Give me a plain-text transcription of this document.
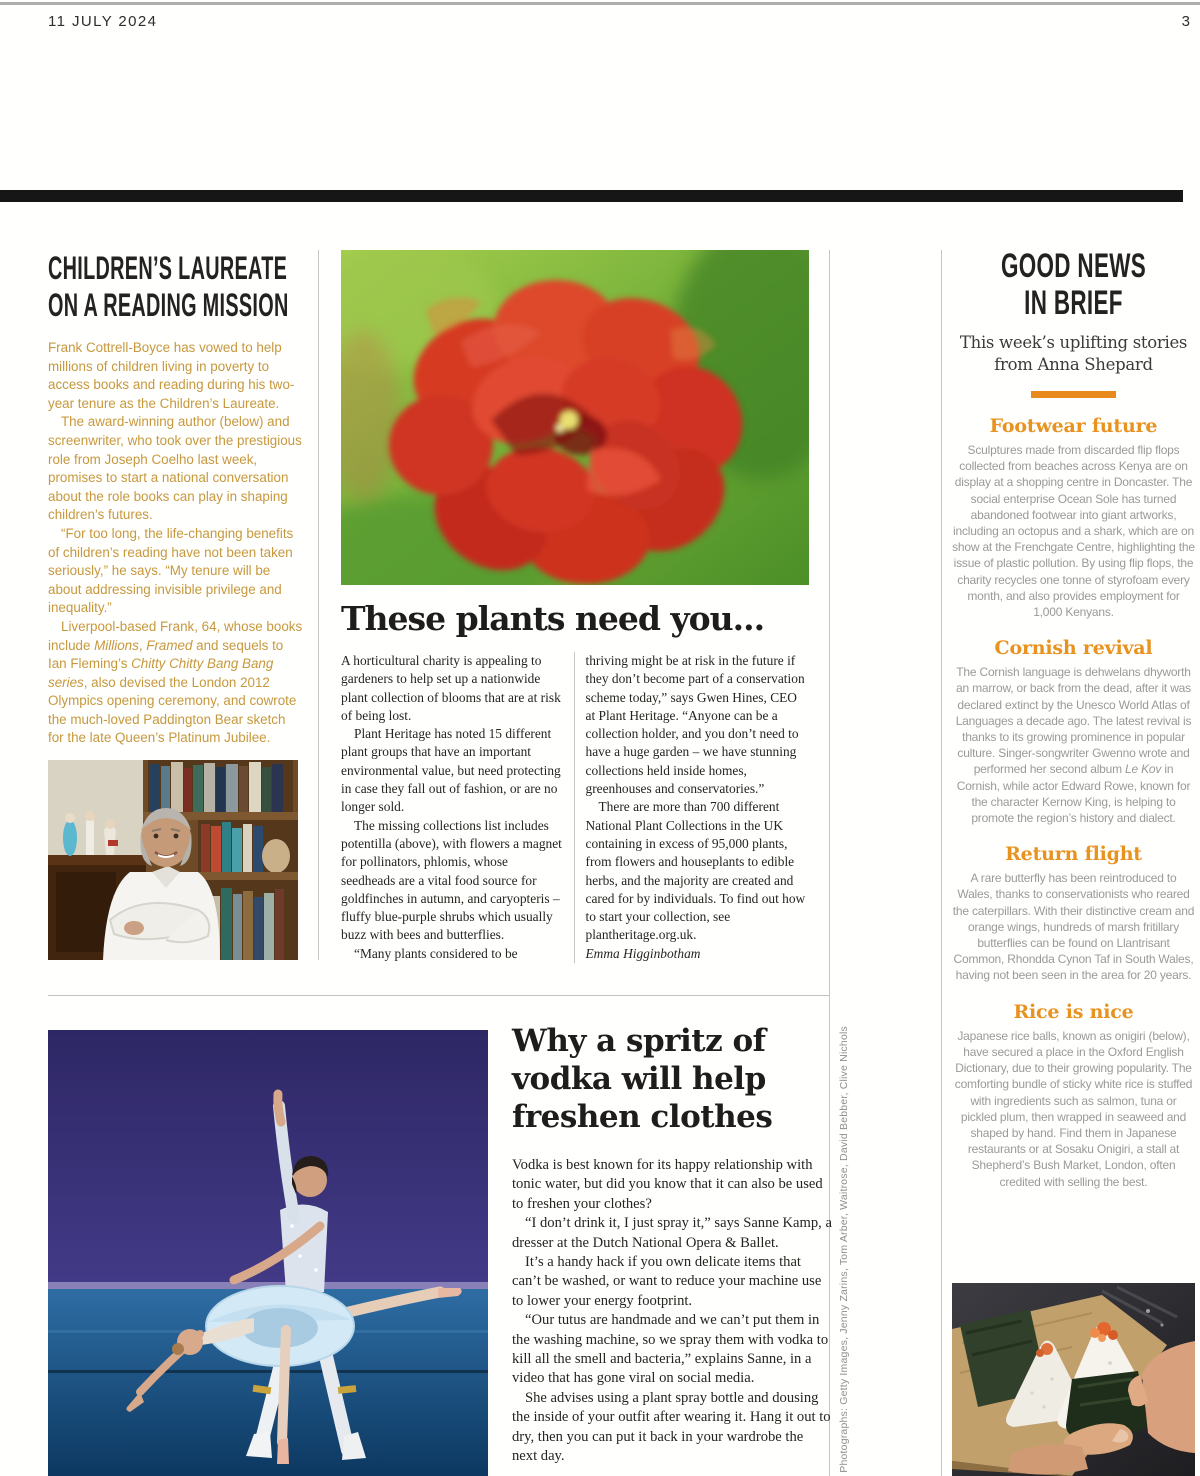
11 JULY 2024	3
CHILDREN’S LAUREATE
ON A READING MISSION

Frank Cottrell-Boyce has vowed to help millions of children living in poverty to access books and reading during his two-year tenure as the Children’s Laureate.

The award-winning author (below) and screenwriter, who took over the prestigious role from Joseph Coelho last week, promises to start a national conversation about the role books can play in shaping children’s futures.

“For too long, the life-changing benefits of children’s reading have not been taken seriously,” he says. “My tenure will be about addressing invisible privilege and inequality.”

Liverpool-based Frank, 64, whose books include Millions, Framed and sequels to Ian Fleming’s Chitty Chitty Bang Bang series, also devised the London 2012 Olympics opening ceremony, and cowrote the much-loved Paddington Bear sketch for the late Queen’s Platinum Jubilee.

These plants need you...

A horticultural charity is appealing to gardeners to help set up a nationwide plant collection of blooms that are at risk of being lost.

Plant Heritage has noted 15 different plant groups that have an important environmental value, but need protecting in case they fall out of fashion, or are no longer sold.

The missing collections list includes potentilla (above), with flowers a magnet for pollinators, phlomis, whose seedheads are a vital food source for goldfinches in autumn, and caryopteris – fluffy blue-purple shrubs which usually buzz with bees and butterflies.

“Many plants considered to be

thriving might be at risk in the future if they don’t become part of a conservation scheme today,” says Gwen Hines, CEO at Plant Heritage. “Anyone can be a collection holder, and you don’t need to have a huge garden – we have stunning collections held inside homes, greenhouses and conservatories.”

There are more than 700 different National Plant Collections in the UK containing in excess of 95,000 plants, from flowers and houseplants to edible herbs, and the majority are created and cared for by individuals. To find out how to start your collection, see plantheritage.org.uk.

Emma Higginbotham

Why a spritz of
vodka will help
freshen clothes

Vodka is best known for its happy relationship with tonic water, but did you know that it can also be used to freshen your clothes?

“I don’t drink it, I just spray it,” says Sanne Kamp, a dresser at the Dutch National Opera & Ballet.

It’s a handy hack if you own delicate items that can’t be washed, or want to reduce your machine use to lower your energy footprint.

“Our tutus are handmade and we can’t put them in the washing machine, so we spray them with vodka to kill all the smell and bacteria,” explains Sanne, in a video that has gone viral on social media.

She advises using a plant spray bottle and dousing the inside of your outfit after wearing it. Hang it out to dry, then you can put it back in your wardrobe the next day.	Photographs: Getty Images, Jenny Zarins, Tom Arber, Waitrose, David Bebber, Clive Nichols
GOOD NEWS
IN BRIEF

This week’s uplifting stories from Anna Shepard

Footwear future

Sculptures made from discarded flip flops collected from beaches across Kenya are on display at a shopping centre in Doncaster. The social enterprise Ocean Sole has turned abandoned footwear into giant artworks, including an octopus and a shark, which are on show at the Frenchgate Centre, highlighting the issue of plastic pollution. By using flip flops, the charity recycles one tonne of styrofoam every month, and also provides employment for 1,000 Kenyans.

Cornish revival

The Cornish language is dehwelans dhyworth an marrow, or back from the dead, after it was declared extinct by the Unesco World Atlas of Languages a decade ago. The latest revival is thanks to its growing prominence in popular culture. Singer-songwriter Gwenno wrote and performed her second album Le Kov in Cornish, while actor Edward Rowe, known for the character Kernow King, is helping to promote the region’s history and dialect.

Return flight

A rare butterfly has been reintroduced to Wales, thanks to conservationists who reared the caterpillars. With their distinctive cream and orange wings, hundreds of marsh fritillary butterflies can be found on Llantrisant Common, Rhondda Cynon Taf in South Wales, having not been seen in the area for 20 years.

Rice is nice

Japanese rice balls, known as onigiri (below), have secured a place in the Oxford English Dictionary, due to their growing popularity. The comforting bundle of sticky white rice is stuffed with ingredients such as salmon, tuna or pickled plum, then wrapped in seaweed and shaped by hand. Find them in Japanese restaurants or at Sosaku Onigiri, a stall at Shepherd’s Bush Market, London, often credited with selling the best.
